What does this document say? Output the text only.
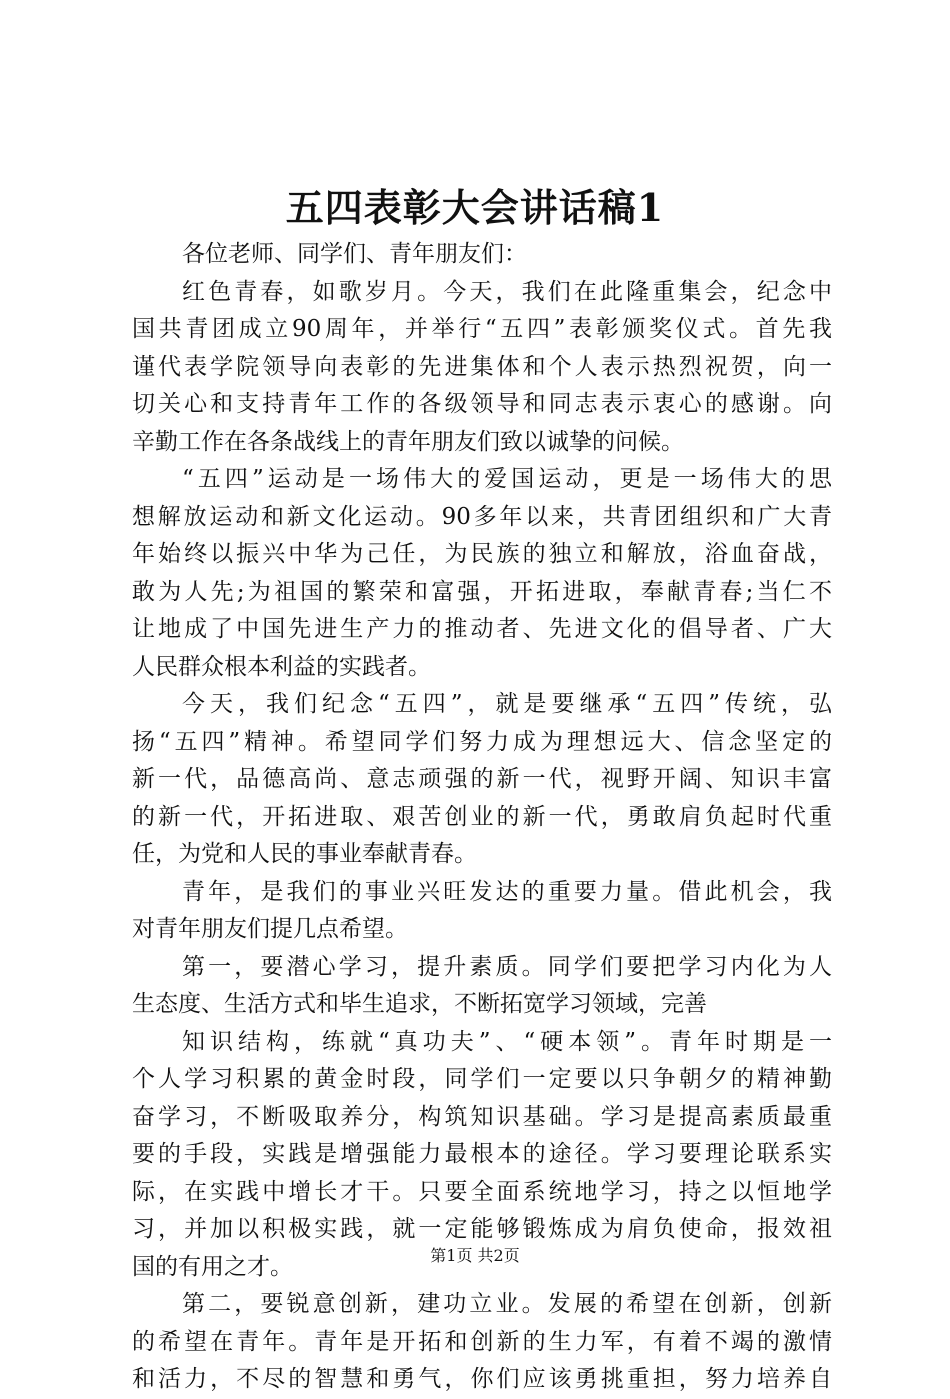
五四表彰大会讲话稿1
各位老师、同学们、青年朋友们：
红色青春，如歌岁月。今天，我们在此隆重集会，纪念中
国共青团成立90周年，并举行“五四”表彰颁奖仪式。首先我
谨代表学院领导向表彰的先进集体和个人表示热烈祝贺，向一
切关心和支持青年工作的各级领导和同志表示衷心的感谢。向
辛勤工作在各条战线上的青年朋友们致以诚挚的问候。
“五四”运动是一场伟大的爱国运动，更是一场伟大的思
想解放运动和新文化运动。90多年以来，共青团组织和广大青
年始终以振兴中华为己任，为民族的独立和解放，浴血奋战，
敢为人先;为祖国的繁荣和富强，开拓进取，奉献青春;当仁不
让地成了中国先进生产力的推动者、先进文化的倡导者、广大
人民群众根本利益的实践者。
今天，我们纪念“五四”，就是要继承“五四”传统，弘
扬“五四”精神。希望同学们努力成为理想远大、信念坚定的
新一代，品德高尚、意志顽强的新一代，视野开阔、知识丰富
的新一代，开拓进取、艰苦创业的新一代，勇敢肩负起时代重
任，为党和人民的事业奉献青春。
青年，是我们的事业兴旺发达的重要力量。借此机会，我
对青年朋友们提几点希望。
第一，要潜心学习，提升素质。同学们要把学习内化为人
生态度、生活方式和毕生追求，不断拓宽学习领域，完善
知识结构，练就“真功夫”、“硬本领”。青年时期是一
个人学习积累的黄金时段，同学们一定要以只争朝夕的精神勤
奋学习，不断吸取养分，构筑知识基础。学习是提高素质最重
要的手段，实践是增强能力最根本的途径。学习要理论联系实
际，在实践中增长才干。只要全面系统地学习，持之以恒地学
习，并加以积极实践，就一定能够锻炼成为肩负使命，报效祖
国的有用之才。
第二，要锐意创新，建功立业。发展的希望在创新，创新
的希望在青年。青年是开拓和创新的生力军，有着不竭的激情
和活力，不尽的智慧和勇气，你们应该勇挑重担，努力培养自
第1页 共2页
